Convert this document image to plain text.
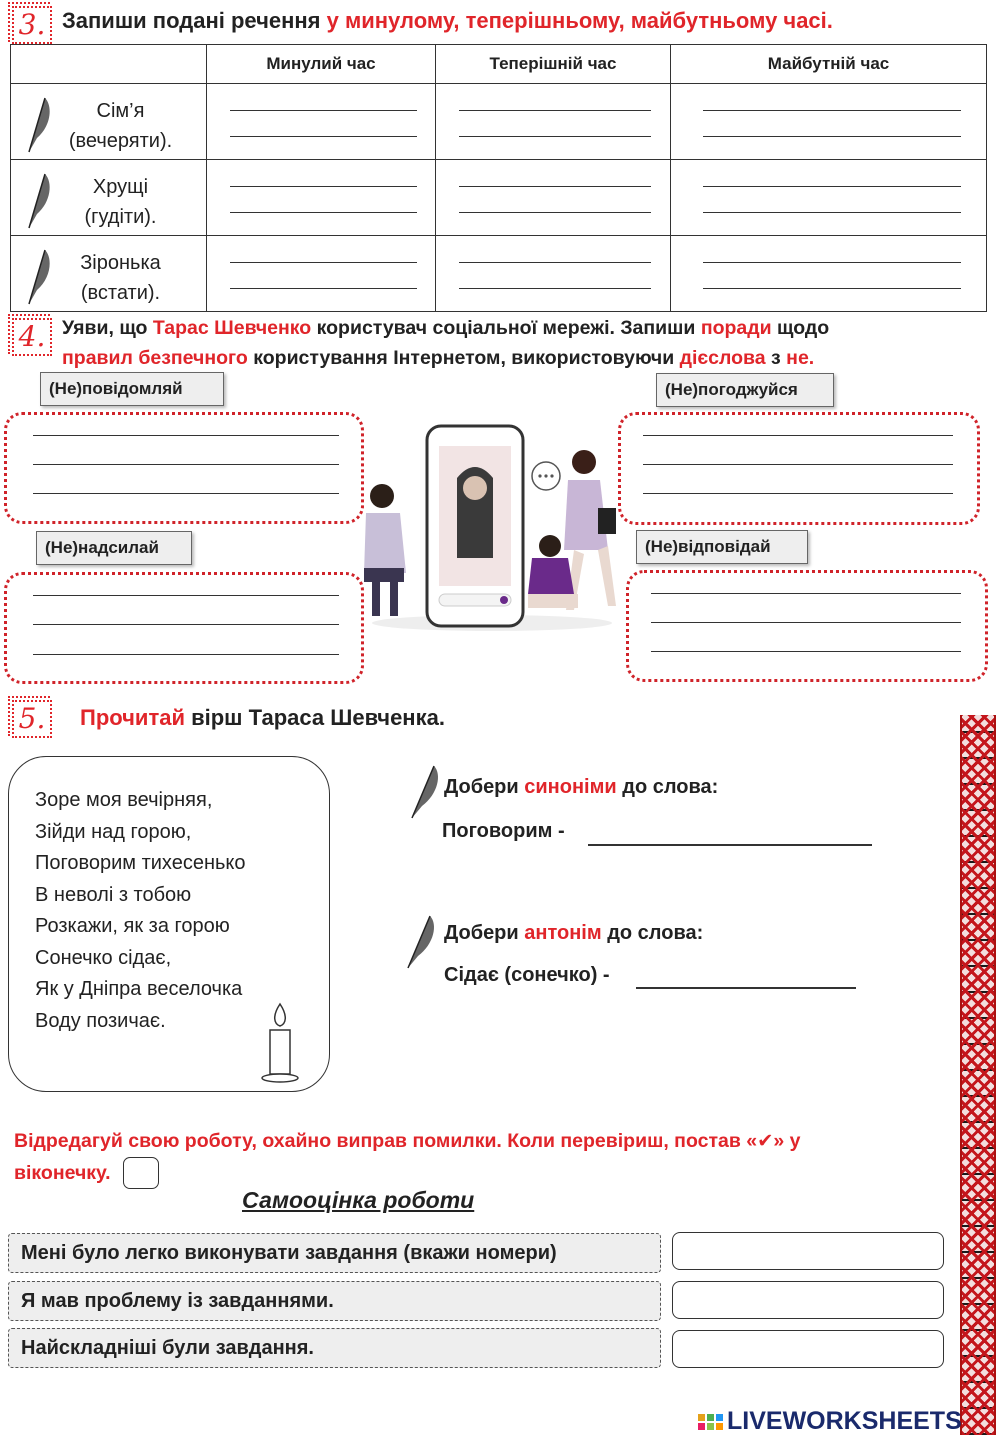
3. Запиши подані речення у минулому, теперішньому, майбутньому часі.
	Минулий час	Теперішній час	Майбутній час

Сім’я
(вечеряти).			

Хрущі
(гудіти).			

Зіронька
(встати).			

4. Уяви, що Тарас Шевченко користувач соціальної мережі. Запиши поради щодо
правил безпечного користування Інтернетом, використовуючи дієслова з не.
(Не)повідомляй	(Не)погоджуйся
(Не)надсилай	(Не)відповідай
5. Прочитай вірш Тараса Шевченка.
Зоре моя вечірняя,
Зійди над горою,
Поговорим тихесенько
В неволі з тобою
Розкажи, як за горою
Сонечко сідає,
Як у Дніпра веселочка
Воду позичає.
Добери синоніми до слова:
Поговорим -
Добери антонім до слова:
Сідає (сонечко) -
Відредагуй свою роботу, охайно виправ помилки. Коли перевіриш, постав «✔» у
віконечку.
Самооцінка роботи
Мені було легко виконувати завдання (вкажи номери)
Я мав проблему із завданнями.
Найскладніші були завдання.
LIVEWORKSHEETS
